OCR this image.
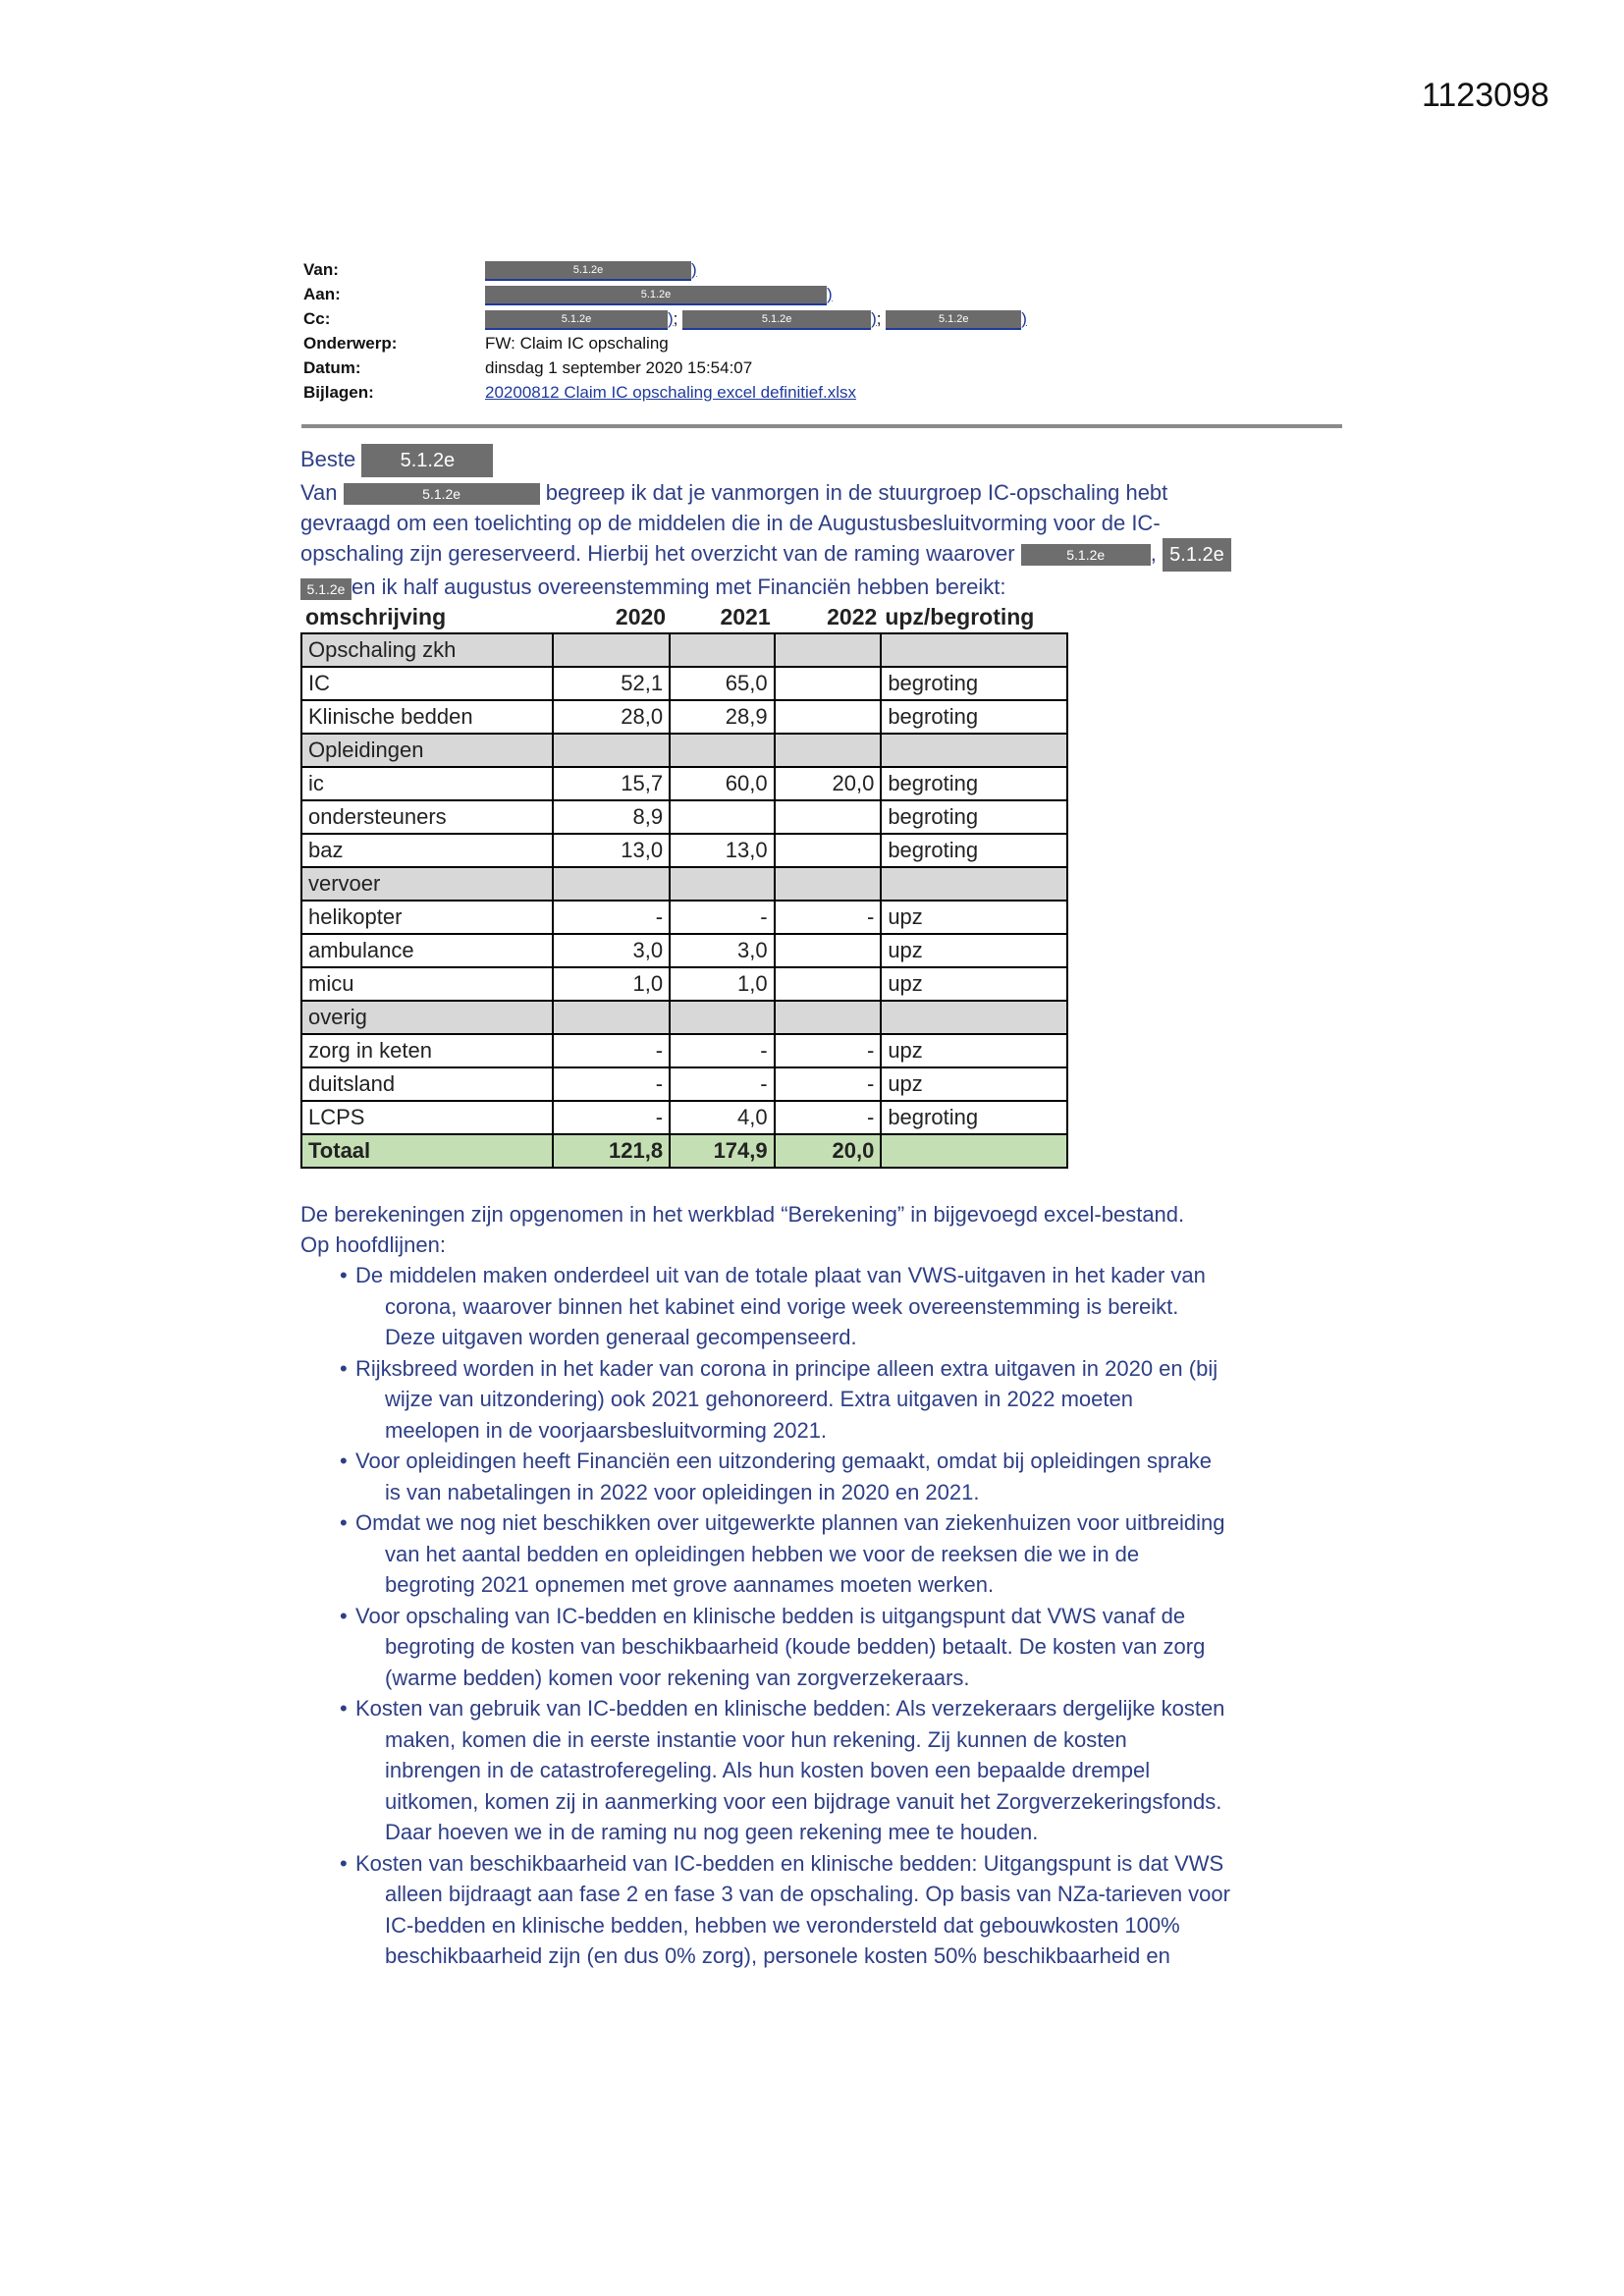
1123098
Van:	5.1.2e	)
Aan:	5.1.2e	)
Cc:	5.1.2e	);	5.1.2e	);	5.1.2e	)
Onderwerp:	FW: Claim IC opschaling
Datum:	dinsdag 1 september 2020 15:54:07
Bijlagen:	20200812 Claim IC opschaling excel definitief.xlsx
Beste 5.1.2e
Van	5.1.2e	begreep ik dat je vanmorgen in de stuurgroep IC-opschaling hebt
gevraagd om een toelichting op de middelen die in de Augustusbesluitvorming voor de IC-
opschaling zijn gereserveerd. Hierbij het overzicht van de raming waarover	5.1.2e , 5.1.2e
5.1.2e en ik half augustus overeenstemming met Financiën hebben bereikt:
omschrijving	2020	2021	2022	upz/begroting
Opschaling zkh				
IC	52,1	65,0		begroting
Klinische bedden	28,0	28,9		begroting
Opleidingen				
ic	15,7	60,0	20,0	begroting
ondersteuners	8,9			begroting
baz	13,0	13,0		begroting
vervoer				
helikopter	-	-	-	upz
ambulance	3,0	3,0		upz
micu	1,0	1,0		upz
overig				
zorg in keten	-	-	-	upz
duitsland	-	-	-	upz
LCPS	-	4,0	-	begroting
Totaal	121,8	174,9	20,0	
De berekeningen zijn opgenomen in het werkblad “Berekening” in bijgevoegd excel-bestand.
Op hoofdlijnen:
• De middelen maken onderdeel uit van de totale plaat van VWS-uitgaven in het kader van
corona, waarover binnen het kabinet eind vorige week overeenstemming is bereikt.
Deze uitgaven worden generaal gecompenseerd.
• Rijksbreed worden in het kader van corona in principe alleen extra uitgaven in 2020 en (bij
wijze van uitzondering) ook 2021 gehonoreerd. Extra uitgaven in 2022 moeten
meelopen in de voorjaarsbesluitvorming 2021.
• Voor opleidingen heeft Financiën een uitzondering gemaakt, omdat bij opleidingen sprake
is van nabetalingen in 2022 voor opleidingen in 2020 en 2021.
• Omdat we nog niet beschikken over uitgewerkte plannen van ziekenhuizen voor uitbreiding
van het aantal bedden en opleidingen hebben we voor de reeksen die we in de
begroting 2021 opnemen met grove aannames moeten werken.
• Voor opschaling van IC-bedden en klinische bedden is uitgangspunt dat VWS vanaf de
begroting de kosten van beschikbaarheid (koude bedden) betaalt. De kosten van zorg
(warme bedden) komen voor rekening van zorgverzekeraars.
• Kosten van gebruik van IC-bedden en klinische bedden: Als verzekeraars dergelijke kosten
maken, komen die in eerste instantie voor hun rekening. Zij kunnen de kosten
inbrengen in de catastroferegeling. Als hun kosten boven een bepaalde drempel
uitkomen, komen zij in aanmerking voor een bijdrage vanuit het Zorgverzekeringsfonds.
Daar hoeven we in de raming nu nog geen rekening mee te houden.
• Kosten van beschikbaarheid van IC-bedden en klinische bedden: Uitgangspunt is dat VWS
alleen bijdraagt aan fase 2 en fase 3 van de opschaling. Op basis van NZa-tarieven voor
IC-bedden en klinische bedden, hebben we verondersteld dat gebouwkosten 100%
beschikbaarheid zijn (en dus 0% zorg), personele kosten 50% beschikbaarheid en
